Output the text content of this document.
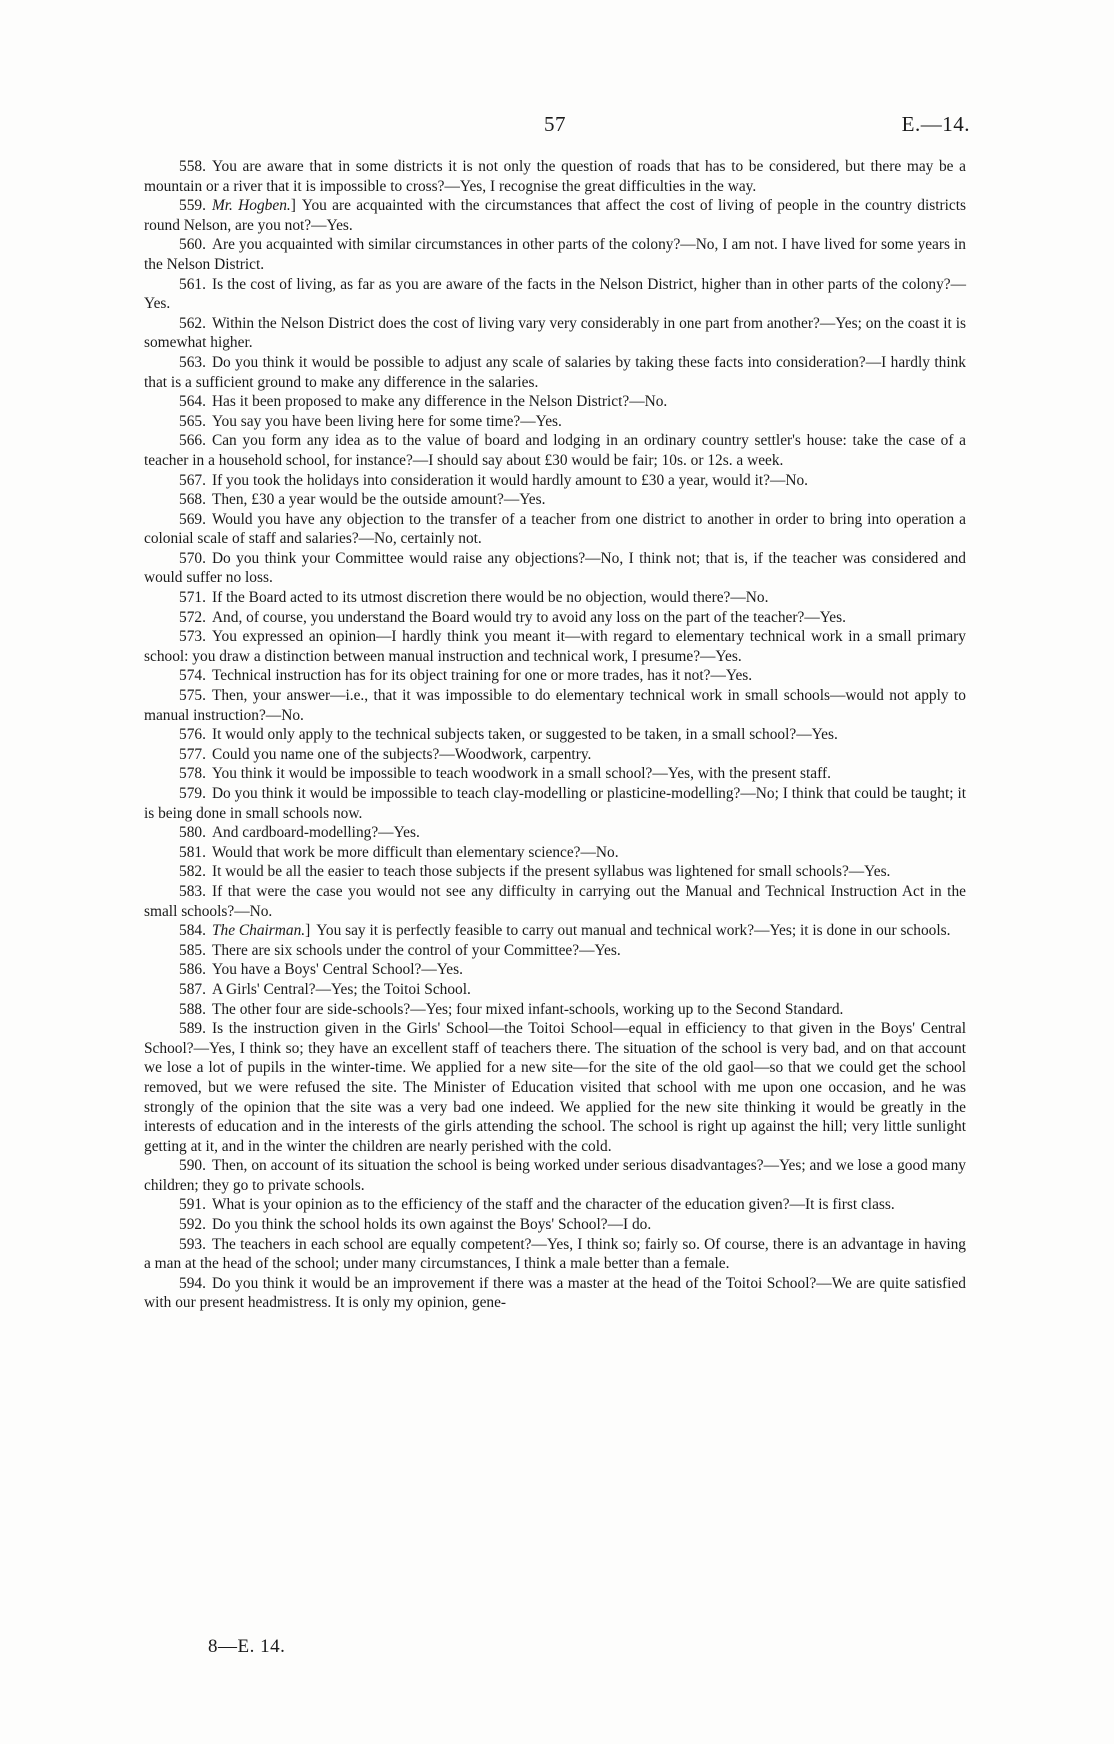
57	E.—14.

558. You are aware that in some districts it is not only the question of roads that has to be considered, but there may be a mountain or a river that it is impossible to cross?—Yes, I recognise the great difficulties in the way.

559. Mr. Hogben.] You are acquainted with the circumstances that affect the cost of living of people in the country districts round Nelson, are you not?—Yes.

560. Are you acquainted with similar circumstances in other parts of the colony?—No, I am not. I have lived for some years in the Nelson District.

561. Is the cost of living, as far as you are aware of the facts in the Nelson District, higher than in other parts of the colony?—Yes.

562. Within the Nelson District does the cost of living vary very considerably in one part from another?—Yes; on the coast it is somewhat higher.

563. Do you think it would be possible to adjust any scale of salaries by taking these facts into consideration?—I hardly think that is a sufficient ground to make any difference in the salaries.

564. Has it been proposed to make any difference in the Nelson District?—No.

565. You say you have been living here for some time?—Yes.

566. Can you form any idea as to the value of board and lodging in an ordinary country settler's house: take the case of a teacher in a household school, for instance?—I should say about £30 would be fair; 10s. or 12s. a week.

567. If you took the holidays into consideration it would hardly amount to £30 a year, would it?—No.

568. Then, £30 a year would be the outside amount?—Yes.

569. Would you have any objection to the transfer of a teacher from one district to another in order to bring into operation a colonial scale of staff and salaries?—No, certainly not.

570. Do you think your Committee would raise any objections?—No, I think not; that is, if the teacher was considered and would suffer no loss.

571. If the Board acted to its utmost discretion there would be no objection, would there?—No.

572. And, of course, you understand the Board would try to avoid any loss on the part of the teacher?—Yes.

573. You expressed an opinion—I hardly think you meant it—with regard to elementary technical work in a small primary school: you draw a distinction between manual instruction and technical work, I presume?—Yes.

574. Technical instruction has for its object training for one or more trades, has it not?—Yes.

575. Then, your answer—i.e., that it was impossible to do elementary technical work in small schools—would not apply to manual instruction?—No.

576. It would only apply to the technical subjects taken, or suggested to be taken, in a small school?—Yes.

577. Could you name one of the subjects?—Woodwork, carpentry.

578. You think it would be impossible to teach woodwork in a small school?—Yes, with the present staff.

579. Do you think it would be impossible to teach clay-modelling or plasticine-modelling?—No; I think that could be taught; it is being done in small schools now.

580. And cardboard-modelling?—Yes.

581. Would that work be more difficult than elementary science?—No.

582. It would be all the easier to teach those subjects if the present syllabus was lightened for small schools?—Yes.

583. If that were the case you would not see any difficulty in carrying out the Manual and Technical Instruction Act in the small schools?—No.

584. The Chairman.] You say it is perfectly feasible to carry out manual and technical work?—Yes; it is done in our schools.

585. There are six schools under the control of your Committee?—Yes.

586. You have a Boys' Central School?—Yes.

587. A Girls' Central?—Yes; the Toitoi School.

588. The other four are side-schools?—Yes; four mixed infant-schools, working up to the Second Standard.

589. Is the instruction given in the Girls' School—the Toitoi School—equal in efficiency to that given in the Boys' Central School?—Yes, I think so; they have an excellent staff of teachers there. The situation of the school is very bad, and on that account we lose a lot of pupils in the winter-time. We applied for a new site—for the site of the old gaol—so that we could get the school removed, but we were refused the site. The Minister of Education visited that school with me upon one occasion, and he was strongly of the opinion that the site was a very bad one indeed. We applied for the new site thinking it would be greatly in the interests of education and in the interests of the girls attending the school. The school is right up against the hill; very little sunlight getting at it, and in the winter the children are nearly perished with the cold.

590. Then, on account of its situation the school is being worked under serious disadvantages?—Yes; and we lose a good many children; they go to private schools.

591. What is your opinion as to the efficiency of the staff and the character of the education given?—It is first class.

592. Do you think the school holds its own against the Boys' School?—I do.

593. The teachers in each school are equally competent?—Yes, I think so; fairly so. Of course, there is an advantage in having a man at the head of the school; under many circumstances, I think a male better than a female.

594. Do you think it would be an improvement if there was a master at the head of the Toitoi School?—We are quite satisfied with our present headmistress. It is only my opinion, gene-

8—E. 14.
